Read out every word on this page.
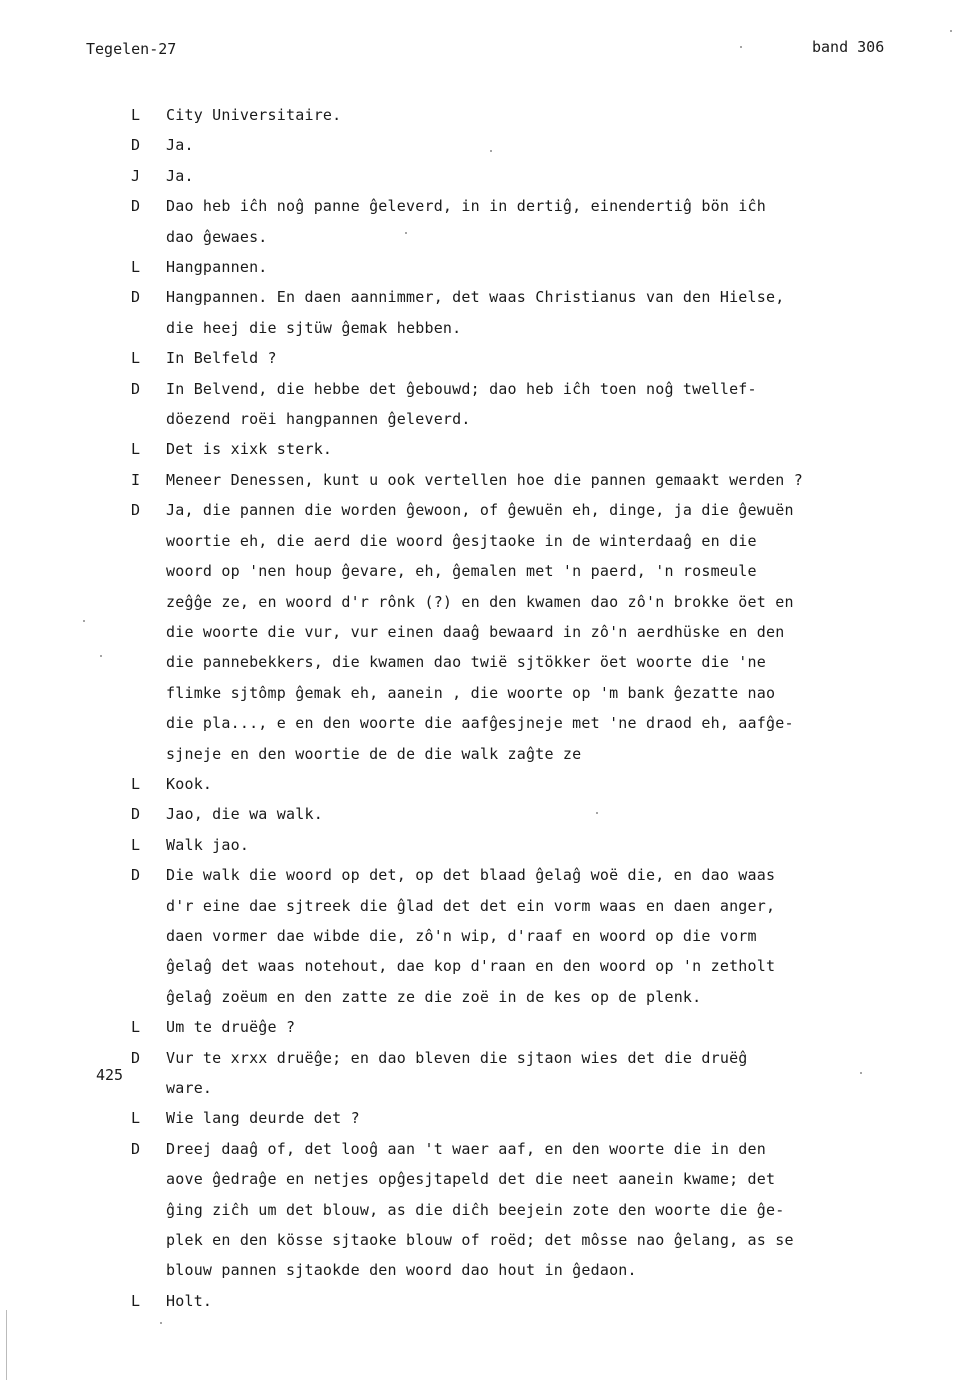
Tegelen-27	band 306
425
L	City Universitaire.
D	Ja.
J	Ja.
D	Dao heb iĉh noĝ panne ĝeleverd, in in dertiĝ, einendertiĝ bön iĉh
dao ĝewaes.
L	Hangpannen.
D	Hangpannen. En daen aannimmer, det waas Christianus van den Hielse,
die heej die sjtüw ĝemak hebben.
L	In Belfeld ?
D	In Belvend, die hebbe det ĝebouwd; dao heb iĉh toen noĝ twellef-
döezend roëi hangpannen ĝeleverd.
L	Det is xixk sterk.
I	Meneer Denessen, kunt u ook vertellen hoe die pannen gemaakt werden ?
D	Ja, die pannen die worden ĝewoon, of ĝewuën eh, dinge, ja die ĝewuën
woortie eh, die aerd die woord ĝesjtaoke in de winterdaaĝ en die
woord op 'nen houp ĝevare, eh, ĝemalen met 'n paerd, 'n rosmeule
zeĝĝe ze, en woord d'r rônk (?) en den kwamen dao zô'n brokke öet en
die woorte die vur, vur einen daaĝ bewaard in zô'n aerdhüske en den
die pannebekkers, die kwamen dao twië sjtökker öet woorte die 'ne
flimke sjtômp ĝemak eh, aanein , die woorte op 'm bank ĝezatte nao
die pla..., e en den woorte die aafĝesjneje met 'ne draod eh, aafĝe-
sjneje en den woortie de de die walk zaĝte ze
L	Kook.
D	Jao, die wa walk.
L	Walk jao.
D	Die walk die woord op det, op det blaad ĝelaĝ woë die, en dao waas
d'r eine dae sjtreek die ĝlad det det ein vorm waas en daen anger,
daen vormer dae wibde die, zô'n wip, d'raaf en woord op die vorm
ĝelaĝ det waas notehout, dae kop d'raan en den woord op 'n zetholt
ĝelaĝ zoëum en den zatte ze die zoë in de kes op de plenk.
L	Um te druëĝe ?
D	Vur te xrxx druëĝe; en dao bleven die sjtaon wies det die druëĝ
ware.
L	Wie lang deurde det ?
D	Dreej daaĝ of, det looĝ aan 't waer aaf, en den woorte die in den
aove ĝedraĝe en netjes opĝesjtapeld det die neet aanein kwame; det
ĝing ziĉh um det blouw, as die diĉh beejein zote den woorte die ĝe-
plek en den kösse sjtaoke blouw of roëd; det môsse nao ĝelang, as se
blouw pannen sjtaokde den woord dao hout in ĝedaon.
L	Holt.
